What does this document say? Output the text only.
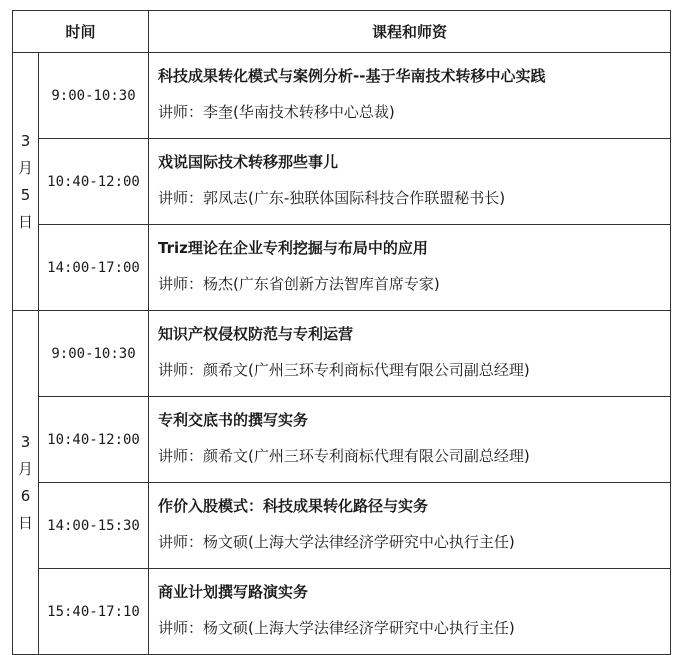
时间		课程和师资

3
月
5
日	9:00-10:30	科技成果转化模式与案例分析--基于华南技术转移中心实践
讲师：李奎(华南技术转移中心总裁)

	10:40-12:00	戏说国际技术转移那些事儿
讲师：郭凤志(广东-独联体国际科技合作联盟秘书长)

	14:00-17:00	Triz理论在企业专利挖掘与布局中的应用
讲师：杨杰(广东省创新方法智库首席专家)

3
月
6
日	9:00-10:30	知识产权侵权防范与专利运营
讲师：颜希文(广州三环专利商标代理有限公司副总经理)

	10:40-12:00	专利交底书的撰写实务
讲师：颜希文(广州三环专利商标代理有限公司副总经理)

	14:00-15:30	作价入股模式：科技成果转化路径与实务
讲师：杨文硕(上海大学法律经济学研究中心执行主任)

	15:40-17:10	商业计划撰写路演实务
讲师：杨文硕(上海大学法律经济学研究中心执行主任)
